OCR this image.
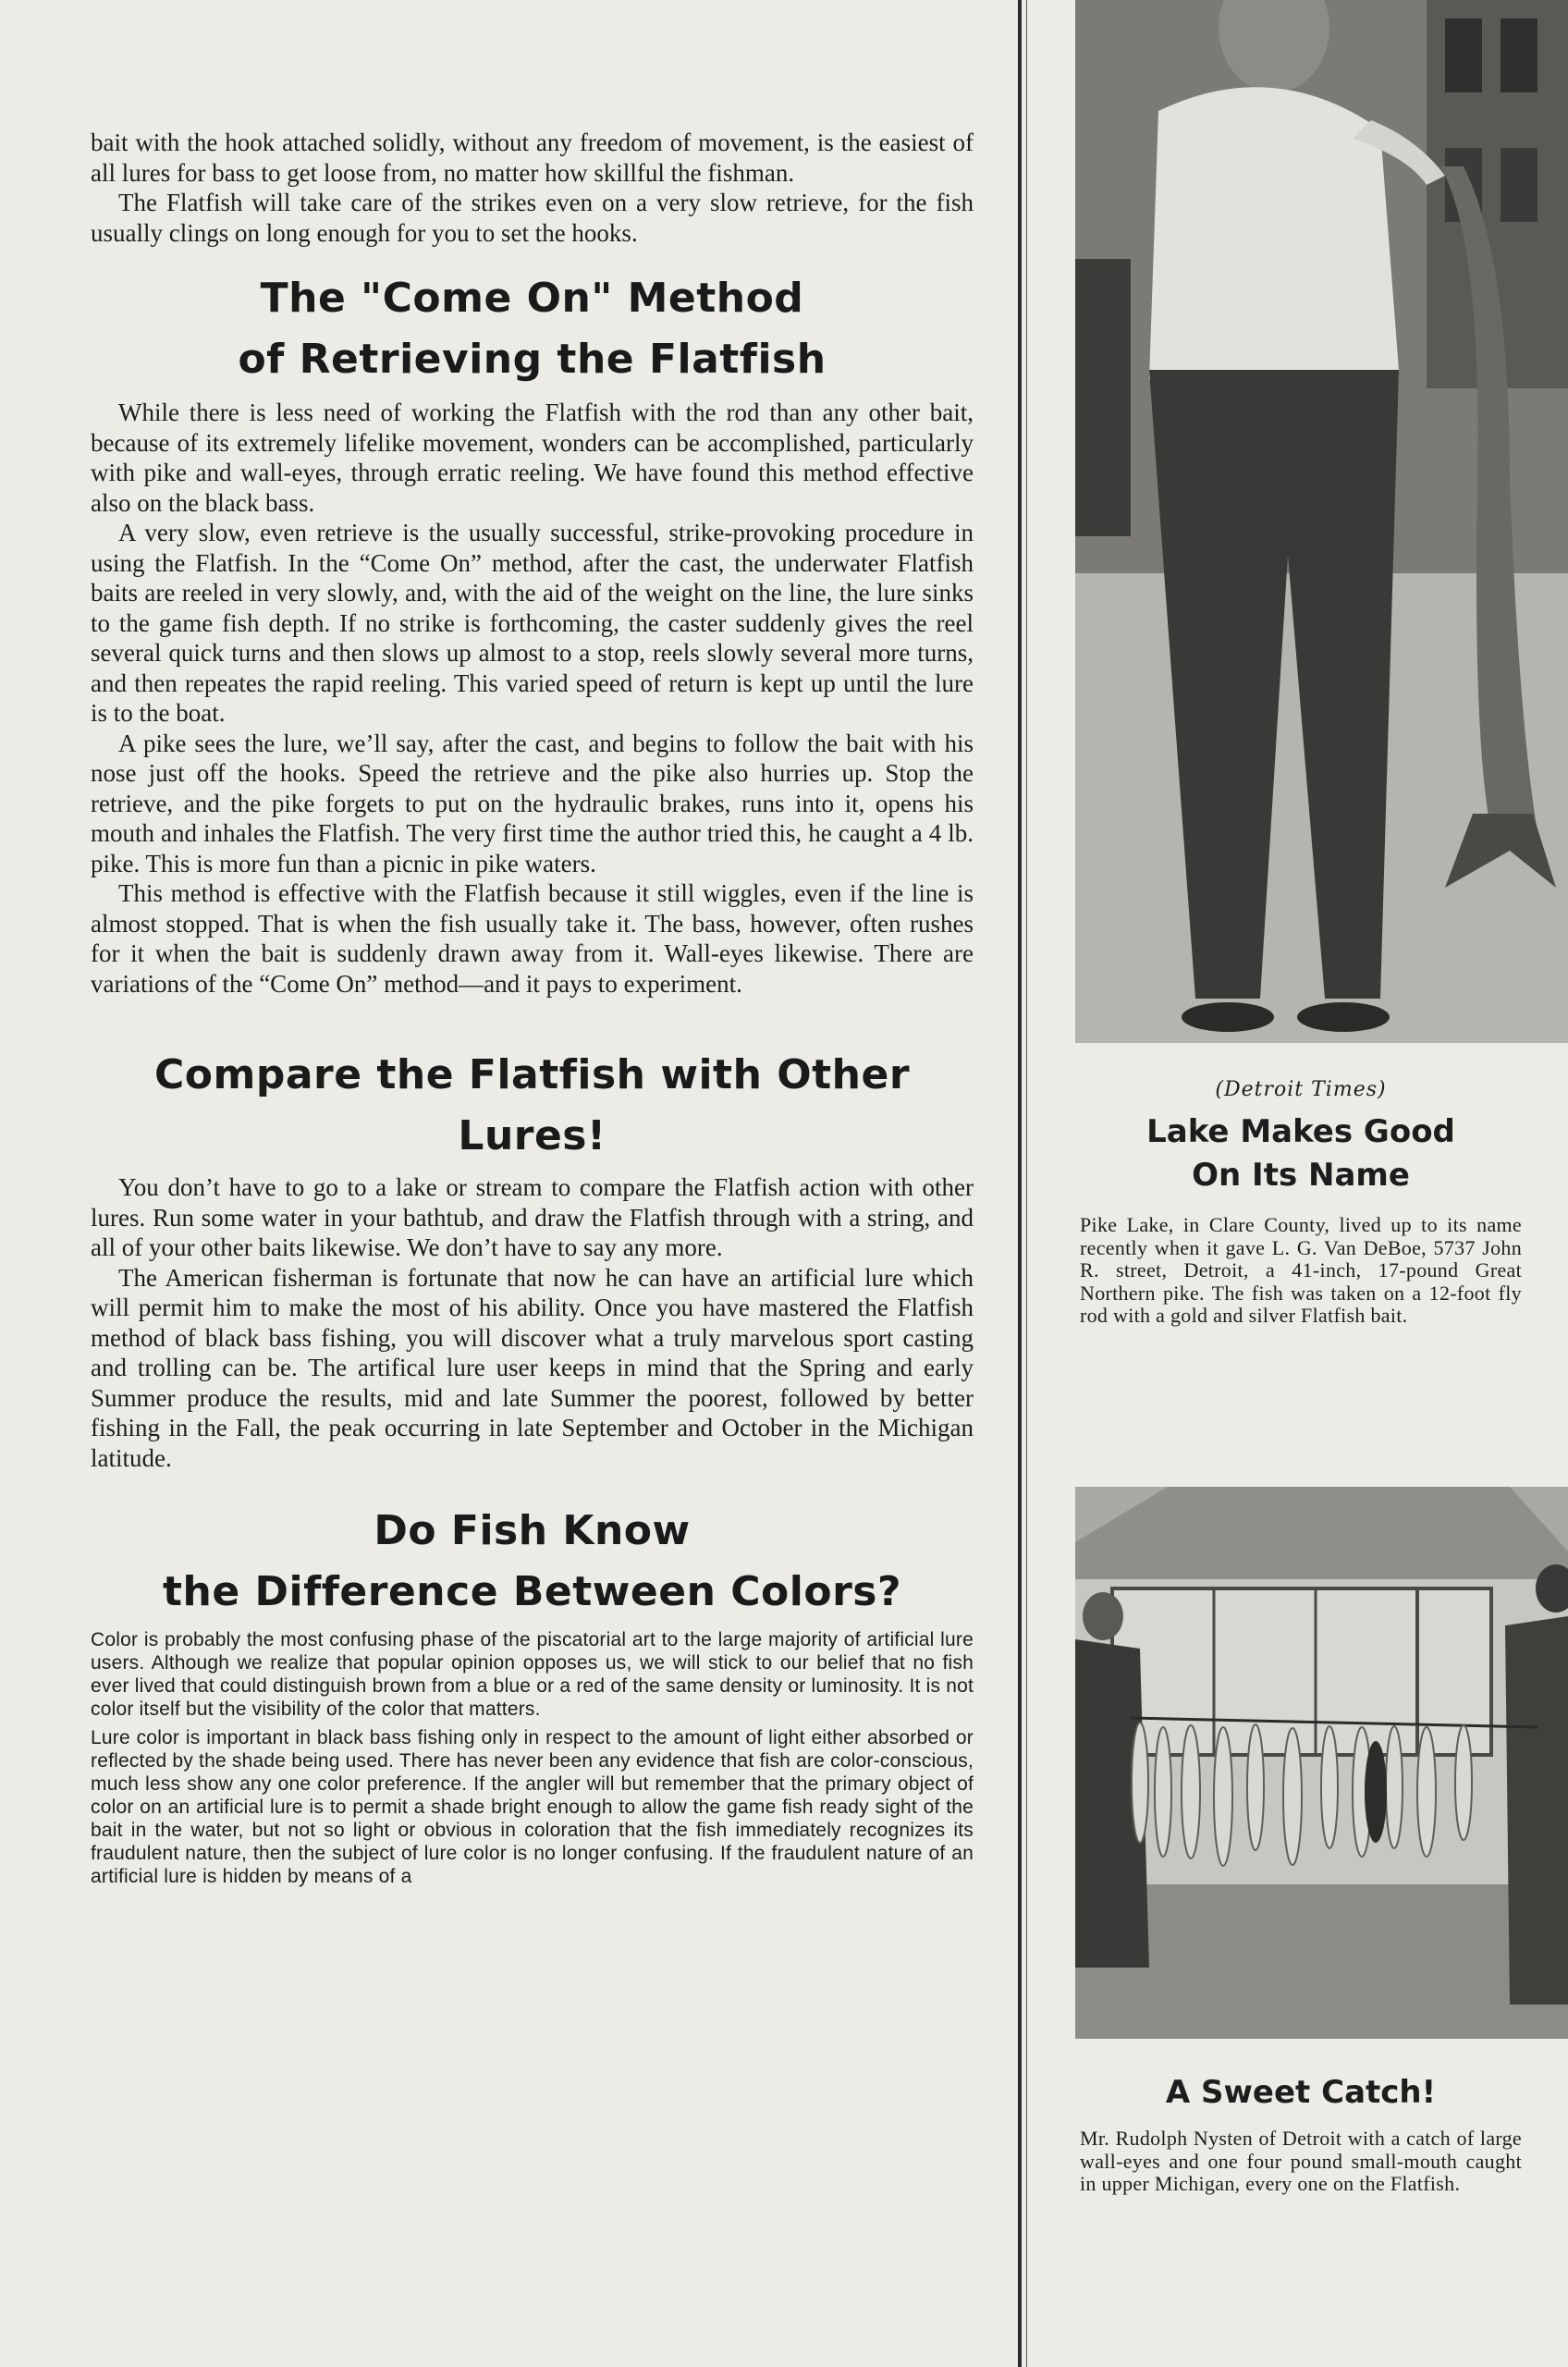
bait with the hook attached solidly, without any freedom of movement, is the easiest of all lures for bass to get loose from, no matter how skillful the fishman.

The Flatfish will take care of the strikes even on a very slow retrieve, for the fish usually clings on long enough for you to set the hooks.

The "Come On" Method
of Retrieving the Flatfish

While there is less need of working the Flatfish with the rod than any other bait, because of its extremely lifelike movement, wonders can be accomplished, particularly with pike and wall-eyes, through erratic reeling. We have found this method effective also on the black bass.

A very slow, even retrieve is the usually successful, strike-provoking procedure in using the Flatfish. In the “Come On” method, after the cast, the underwater Flatfish baits are reeled in very slowly, and, with the aid of the weight on the line, the lure sinks to the game fish depth. If no strike is forthcoming, the caster suddenly gives the reel several quick turns and then slows up almost to a stop, reels slowly several more turns, and then repeates the rapid reeling. This varied speed of return is kept up until the lure is to the boat.

A pike sees the lure, we’ll say, after the cast, and begins to follow the bait with his nose just off the hooks. Speed the retrieve and the pike also hurries up. Stop the retrieve, and the pike forgets to put on the hydraulic brakes, runs into it, opens his mouth and inhales the Flatfish. The very first time the author tried this, he caught a 4 lb. pike. This is more fun than a picnic in pike waters.

This method is effective with the Flatfish because it still wiggles, even if the line is almost stopped. That is when the fish usually take it. The bass, however, often rushes for it when the bait is suddenly drawn away from it. Wall-eyes likewise. There are variations of the “Come On” method—and it pays to experiment.

Compare the Flatfish with Other Lures!

You don’t have to go to a lake or stream to compare the Flatfish action with other lures. Run some water in your bathtub, and draw the Flatfish through with a string, and all of your other baits likewise. We don’t have to say any more.

The American fisherman is fortunate that now he can have an artificial lure which will permit him to make the most of his ability. Once you have mastered the Flatfish method of black bass fishing, you will discover what a truly marvelous sport casting and trolling can be. The artifical lure user keeps in mind that the Spring and early Summer produce the results, mid and late Summer the poorest, followed by better fishing in the Fall, the peak occurring in late September and October in the Michigan latitude.

Do Fish Know
the Difference Between Colors?

Color is probably the most confusing phase of the piscatorial art to the large majority of artificial lure users. Although we realize that popular opinion opposes us, we will stick to our belief that no fish ever lived that could distinguish brown from a blue or a red of the same density or luminosity. It is not color itself but the visibility of the color that matters.

Lure color is important in black bass fishing only in respect to the amount of light either absorbed or reflected by the shade being used. There has never been any evidence that fish are color-conscious, much less show any one color preference. If the angler will but remember that the primary object of color on an artificial lure is to permit a shade bright enough to allow the game fish ready sight of the bait in the water, but not so light or obvious in coloration that the fish immediately recognizes its fraudulent nature, then the subject of lure color is no longer confusing. If the fraudulent nature of an artificial lure is hidden by means of a

(Detroit Times)

Lake Makes Good
On Its Name

Pike Lake, in Clare County, lived up to its name recently when it gave L. G. Van DeBoe, 5737 John R. street, Detroit, a 41-inch, 17-pound Great Northern pike. The fish was taken on a 12-foot fly rod with a gold and silver Flatfish bait.

A Sweet Catch!

Mr. Rudolph Nysten of Detroit with a catch of large wall-eyes and one four pound small-mouth caught in upper Michigan, every one on the Flatfish.
